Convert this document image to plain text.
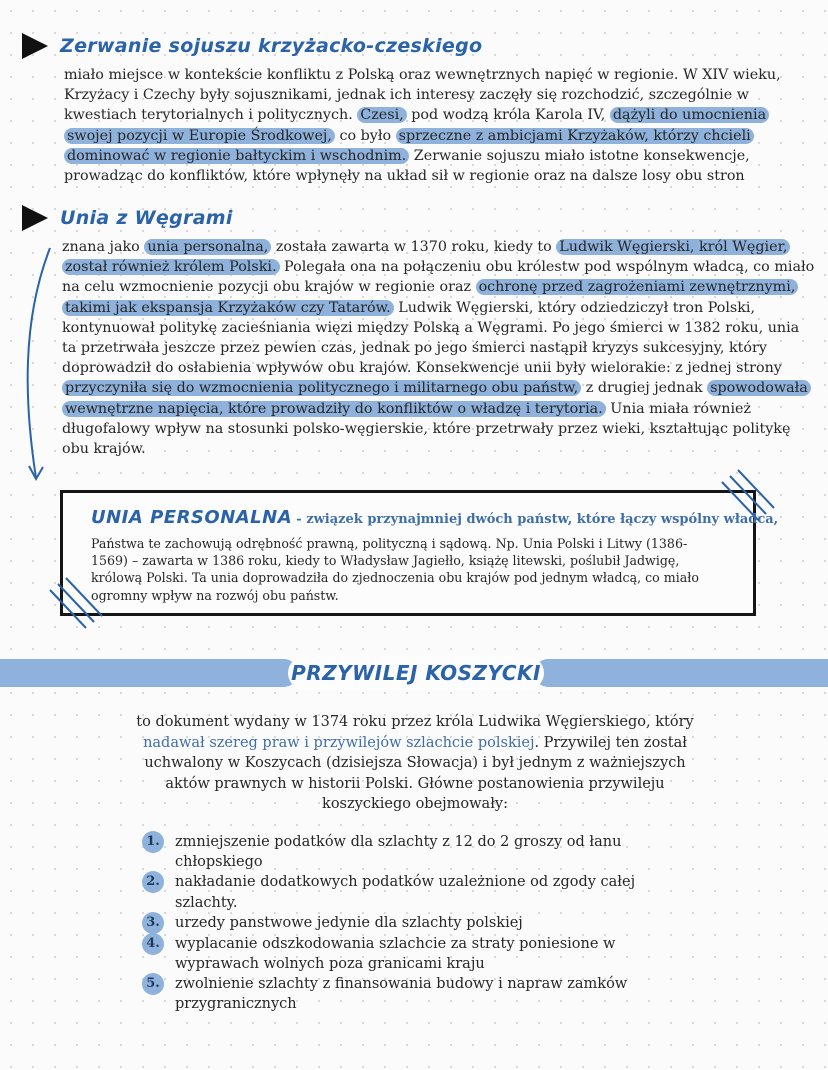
Zerwanie sojuszu krzyżacko-czeskiego

miało miejsce w kontekście konfliktu z Polską oraz wewnętrznych napięć w regionie. W XIV wieku, Krzyżacy i Czechy były sojusznikami, jednak ich interesy zaczęły się rozchodzić, szczególnie w kwestiach terytorialnych i politycznych. Czesi, pod wodzą króla Karola IV, dążyli do umocnienia swojej pozycji w Europie Środkowej, co było sprzeczne z ambicjami Krzyżaków, którzy chcieli dominować w regionie bałtyckim i wschodnim. Zerwanie sojuszu miało istotne konsekwencje, prowadząc do konfliktów, które wpłynęły na układ sił w regionie oraz na dalsze losy obu stron

Unia z Węgrami

znana jako unia personalna, została zawarta w 1370 roku, kiedy to Ludwik Węgierski, król Węgier, został również królem Polski. Polegała ona na połączeniu obu królestw pod wspólnym władcą, co miało na celu wzmocnienie pozycji obu krajów w regionie oraz ochronę przed zagrożeniami zewnętrznymi, takimi jak ekspansja Krzyżaków czy Tatarów. Ludwik Węgierski, który odziedziczył tron Polski, kontynuował politykę zacieśniania więzi między Polską a Węgrami. Po jego śmierci w 1382 roku, unia ta przetrwała jeszcze przez pewien czas, jednak po jego śmierci nastąpił kryzys sukcesyjny, który doprowadził do osłabienia wpływów obu krajów. Konsekwencje unii były wielorakie: z jednej strony przyczyniła się do wzmocnienia politycznego i militarnego obu państw, z drugiej jednak spowodowała wewnętrzne napięcia, które prowadziły do konfliktów o władzę i terytoria. Unia miała również długofalowy wpływ na stosunki polsko-węgierskie, które przetrwały przez wieki, kształtując politykę obu krajów.

UNIA PERSONALNA - związek przynajmniej dwóch państw, które łączy wspólny władca,

Państwa te zachowują odrębność prawną, polityczną i sądową. Np. Unia Polski i Litwy (1386-1569) – zawarta w 1386 roku, kiedy to Władysław Jagiełło, książę litewski, poślubił Jadwigę, królową Polski. Ta unia doprowadziła do zjednoczenia obu krajów pod jednym władcą, co miało ogromny wpływ na rozwój obu państw.

PRZYWILEJ KOSZYCKI

to dokument wydany w 1374 roku przez króla Ludwika Węgierskiego, który nadawał szereg praw i przywilejów szlachcie polskiej. Przywilej ten został uchwalony w Koszycach (dzisiejsza Słowacja) i był jednym z ważniejszych aktów prawnych w historii Polski. Główne postanowienia przywileju koszyckiego obejmowały:

1. zmniejszenie podatków dla szlachty z 12 do 2 groszy od łanu chłopskiego
2. nakładanie dodatkowych podatków uzależnione od zgody całej szlachty.
3. urzedy panstwowe jedynie dla szlachty polskiej
4. wyplacanie odszkodowania szlachcie za straty poniesione w wyprawach wolnych poza granicami kraju
5. zwolnienie szlachty z finansowania budowy i napraw zamków przygranicznych
